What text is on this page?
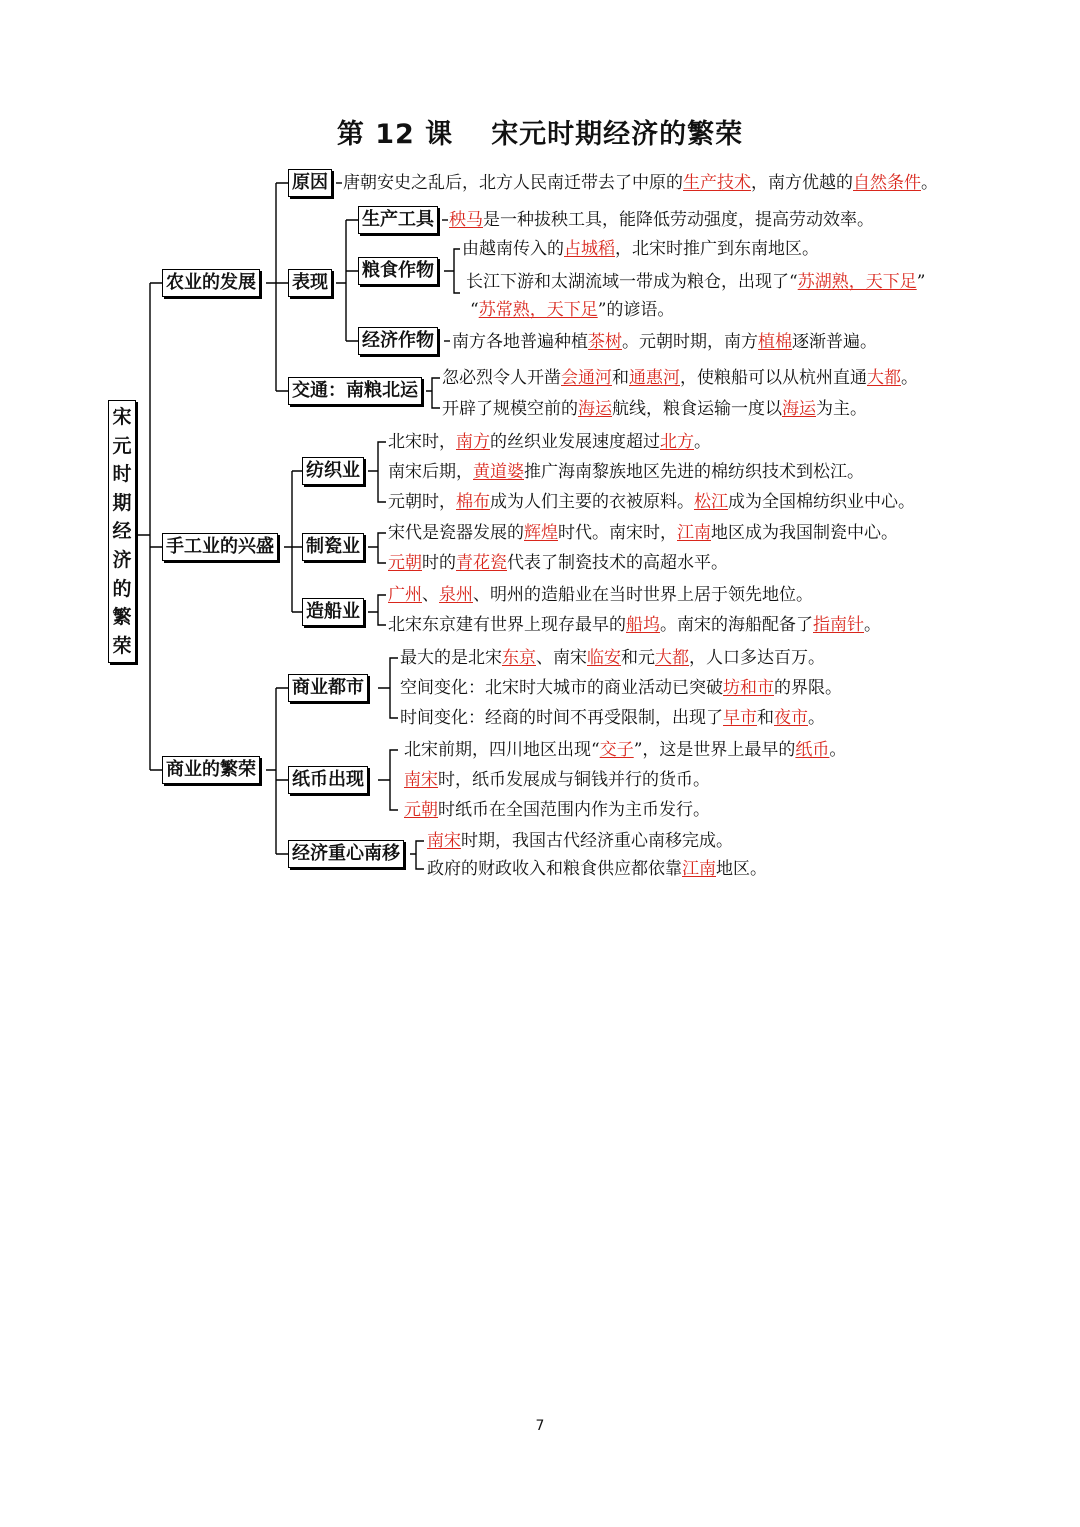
第 12 课 宋元时期经济的繁荣
宋
元
时
期
经
济
的
繁
荣
农业的发展
手工业的兴盛
商业的繁荣
原因
表现
交通：南粮北运
生产工具
粮食作物
经济作物
纺织业
制瓷业
造船业
商业都市
纸币出现
经济重心南移
唐朝安史之乱后，北方人民南迁带去了中原的生产技术，南方优越的自然条件。
秧马是一种拔秧工具，能降低劳动强度，提高劳动效率。
由越南传入的占城稻，北宋时推广到东南地区。
长江下游和太湖流域一带成为粮仓，出现了“苏湖熟，天下足”
“苏常熟，天下足”的谚语。
南方各地普遍种植茶树。元朝时期，南方植棉逐渐普遍。
忽必烈令人开凿会通河和通惠河，使粮船可以从杭州直通大都。
开辟了规模空前的海运航线，粮食运输一度以海运为主。
北宋时，南方的丝织业发展速度超过北方。
南宋后期，黄道婆推广海南黎族地区先进的棉纺织技术到松江。
元朝时，棉布成为人们主要的衣被原料。松江成为全国棉纺织业中心。
宋代是瓷器发展的辉煌时代。南宋时，江南地区成为我国制瓷中心。
元朝时的青花瓷代表了制瓷技术的高超水平。
广州、泉州、明州的造船业在当时世界上居于领先地位。
北宋东京建有世界上现存最早的船坞。南宋的海船配备了指南针。
最大的是北宋东京、南宋临安和元大都，人口多达百万。
空间变化：北宋时大城市的商业活动已突破坊和市的界限。
时间变化：经商的时间不再受限制，出现了早市和夜市。
北宋前期，四川地区出现“交子”，这是世界上最早的纸币。
南宋时，纸币发展成与铜钱并行的货币。
元朝时纸币在全国范围内作为主币发行。
南宋时期，我国古代经济重心南移完成。
政府的财政收入和粮食供应都依靠江南地区。
7
